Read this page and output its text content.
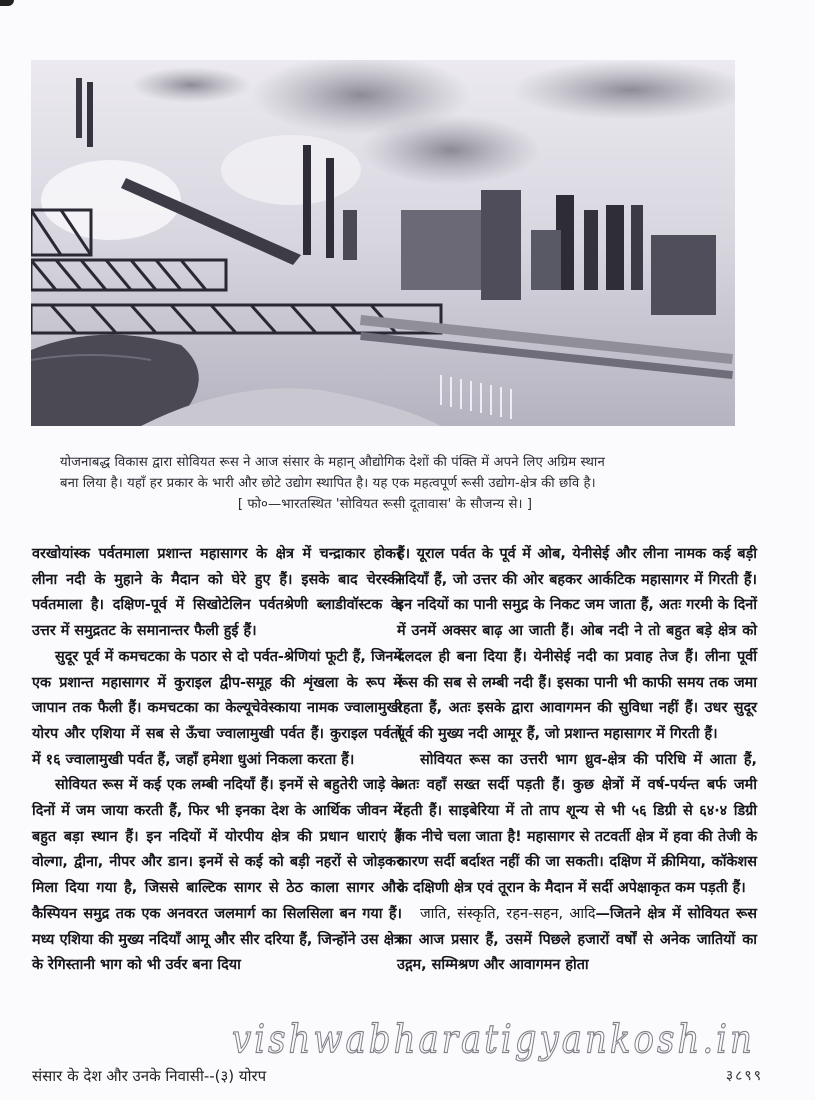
योजनाबद्ध विकास द्वारा सोवियत रूस ने आज संसार के महान् औद्योगिक देशों की पंक्ति में अपने लिए अग्रिम स्थान

बना लिया है। यहाँ हर प्रकार के भारी और छोटे उद्योग स्थापित है। यह एक महत्वपूर्ण रूसी उद्योग-क्षेत्र की छवि है।

[ फो०—भारतस्थित 'सोवियत रूसी दूतावास' के सौजन्य से। ]

वरखोयांस्क पर्वतमाला प्रशान्त महासागर के क्षेत्र में चन्द्राकार होकर लीना नदी के मुहाने के मैदान को घेरे हुए हैं। इसके बाद चेरस्की पर्वतमाला है। दक्षिण-पूर्व में सिखोटेलिन पर्वतश्रेणी ब्लाडीवॉस्टक के उत्तर में समुद्रतट के समानान्तर फैली हुई हैं।

सुदूर पूर्व में कमचटका के पठार से दो पर्वत-श्रेणियां फूटी हैं, जिनमें एक प्रशान्त महासागर में कुराइल द्वीप-समूह की शृंखला के रूप में जापान तक फैली हैं। कमचटका का केल्यूचेवेस्काया नामक ज्वालामुखी योरप और एशिया में सब से ऊँचा ज्वालामुखी पर्वत हैं। कुराइल पर्वतों में १६ ज्वालामुखी पर्वत हैं, जहाँ हमेशा धुआं निकला करता हैं।

सोवियत रूस में कई एक लम्बी नदियाँ हैं। इनमें से बहुतेरी जाड़े के दिनों में जम जाया करती हैं, फिर भी इनका देश के आर्थिक जीवन में बहुत बड़ा स्थान हैं। इन नदियों में योरपीय क्षेत्र की प्रधान धाराएं हैं वोल्गा, द्वीना, नीपर और डान। इनमें से कई को बड़ी नहरों से जोड़कर मिला दिया गया है, जिससे बाल्टिक सागर से ठेठ काला सागर और कैस्पियन समुद्र तक एक अनवरत जलमार्ग का सिलसिला बन गया हैं। मध्य एशिया की मुख्य नदियाँ आमू और सीर दरिया हैं, जिन्होंने उस क्षेत्र के रेगिस्तानी भाग को भी उर्वर बना दिया

हैं। यूराल पर्वत के पूर्व में ओब, येनीसेई और लीना नामक कई बड़ी नदियाँ हैं, जो उत्तर की ओर बहकर आर्कटिक महासागर में गिरती हैं। इन नदियों का पानी समुद्र के निकट जम जाता हैं, अतः गरमी के दिनों में उनमें अक्सर बाढ़ आ जाती हैं। ओब नदी ने तो बहुत बड़े क्षेत्र को दलदल ही बना दिया हैं। येनीसेई नदी का प्रवाह तेज हैं। लीना पूर्वी रूस की सब से लम्बी नदी हैं। इसका पानी भी काफी समय तक जमा रहता हैं, अतः इसके द्वारा आवागमन की सुविधा नहीं हैं। उधर सुदूर पूर्व की मुख्य नदी आमूर हैं, जो प्रशान्त महासागर में गिरती हैं।

सोवियत रूस का उत्तरी भाग ध्रुव-क्षेत्र की परिधि में आता हैं, अतः वहाँ सख्त सर्दी पड़ती हैं। कुछ क्षेत्रों में वर्ष-पर्यन्त बर्फ जमी रहती हैं। साइबेरिया में तो ताप शून्य से भी ५६ डिग्री से ६४·४ डिग्री तक नीचे चला जाता है! महासागर से तटवर्ती क्षेत्र में हवा की तेजी के कारण सर्दी बर्दाश्त नहीं की जा सकती। दक्षिण में क्रीमिया, कॉकेशस के दक्षिणी क्षेत्र एवं तूरान के मैदान में सर्दी अपेक्षाकृत कम पड़ती हैं।

जाति, संस्कृति, रहन-सहन, आदि—जितने क्षेत्र में सोवियत रूस का आज प्रसार हैं, उसमें पिछले हजारों वर्षों से अनेक जातियों का उद्गम, सम्मिश्रण और आवागमन होता

vishwabharatigyankosh.in
संसार के देश और उनके निवासी--(३) योरप	३८९९
